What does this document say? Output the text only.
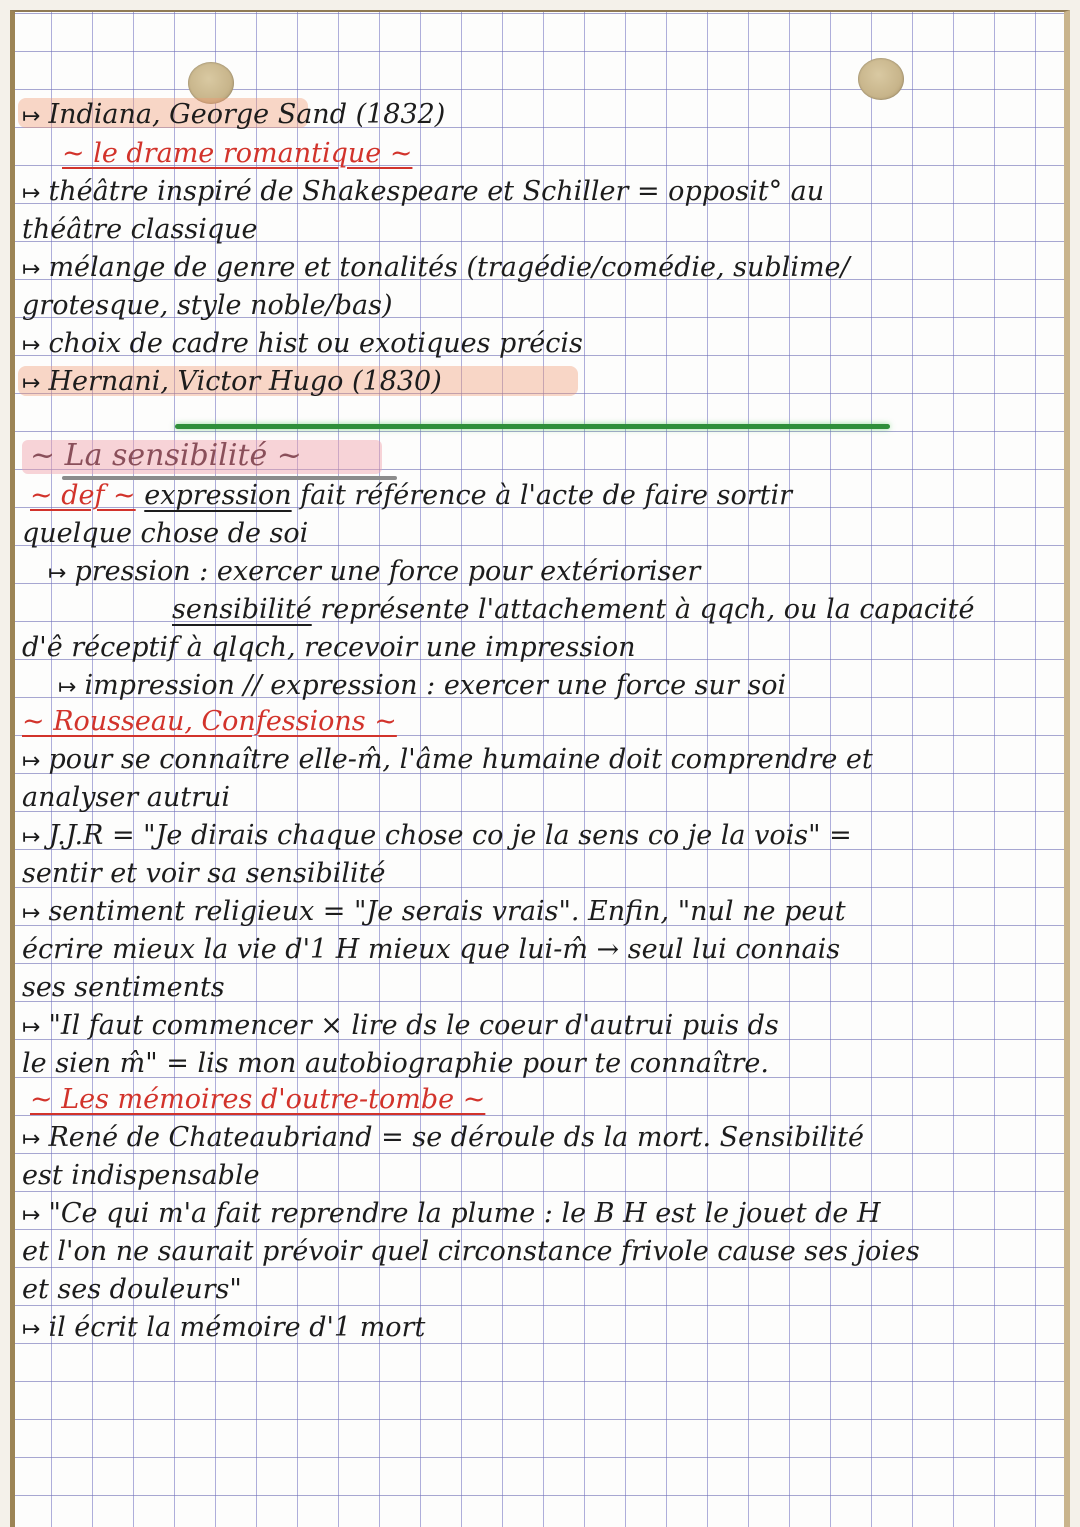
↦ Indiana, George Sand (1832)
~ le drame romantique ~
↦ théâtre inspiré de Shakespeare et Schiller = opposit° au
théâtre classique
↦ mélange de genre et tonalités (tragédie/comédie, sublime/
grotesque, style noble/bas)
↦ choix de cadre hist ou exotiques précis
↦ Hernani, Victor Hugo (1830)
~ La sensibilité ~
~ def ~ expression fait référence à l'acte de faire sortir
quelque chose de soi
↦ pression : exercer une force pour extérioriser
sensibilité représente l'attachement à qqch, ou la capacité
d'ê réceptif à qlqch, recevoir une impression
↦ impression // expression : exercer une force sur soi
~ Rousseau, Confessions ~
↦ pour se connaître elle-m̂, l'âme humaine doit comprendre et
analyser autrui
↦ J.J.R = "Je dirais chaque chose co je la sens co je la vois" =
sentir et voir sa sensibilité
↦ sentiment religieux = "Je serais vrais". Enfin, "nul ne peut
écrire mieux la vie d'1 H mieux que lui-m̂ → seul lui connais
ses sentiments
↦ "Il faut commencer × lire ds le coeur d'autrui puis ds
le sien m̂" = lis mon autobiographie pour te connaître.
~ Les mémoires d'outre-tombe ~
↦ René de Chateaubriand = se déroule ds la mort. Sensibilité
est indispensable
↦ "Ce qui m'a fait reprendre la plume : le B H est le jouet de H
et l'on ne saurait prévoir quel circonstance frivole cause ses joies
et ses douleurs"
↦ il écrit la mémoire d'1 mort
